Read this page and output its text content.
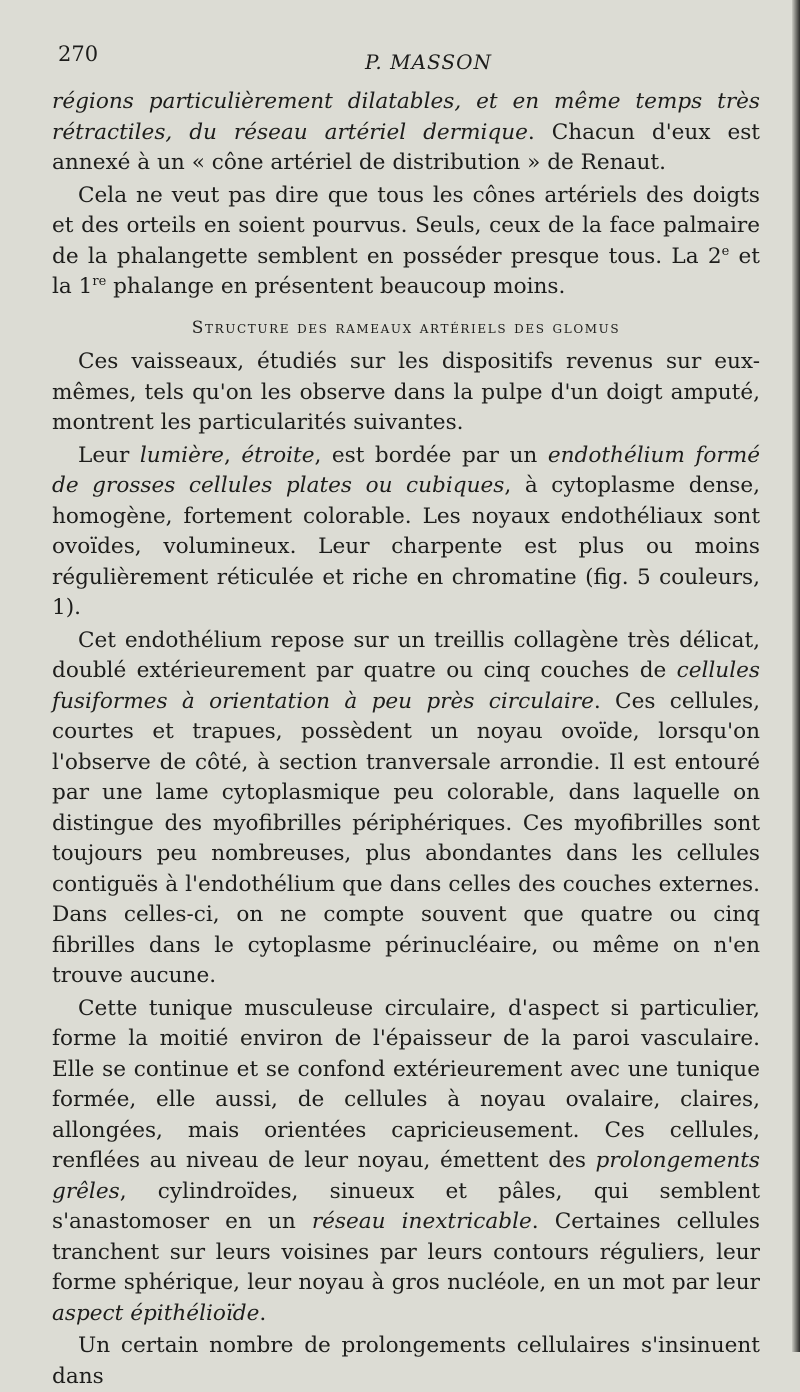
270	P. MASSON

régions particulièrement dilatables, et en même temps très rétractiles, du réseau artériel dermique. Chacun d'eux est annexé à un « cône artériel de distribution » de Renaut.

Cela ne veut pas dire que tous les cônes artériels des doigts et des orteils en soient pourvus. Seuls, ceux de la face palmaire de la phalangette semblent en posséder presque tous. La 2e et la 1re phalange en présentent beaucoup moins.

Structure des rameaux artériels des glomus

Ces vaisseaux, étudiés sur les dispositifs revenus sur eux-mêmes, tels qu'on les observe dans la pulpe d'un doigt amputé, montrent les particularités suivantes.

Leur lumière, étroite, est bordée par un endothélium formé de grosses cellules plates ou cubiques, à cytoplasme dense, homogène, fortement colorable. Les noyaux endothéliaux sont ovoïdes, volumineux. Leur charpente est plus ou moins régulièrement réticulée et riche en chromatine (fig. 5 couleurs, 1).

Cet endothélium repose sur un treillis collagène très délicat, doublé extérieurement par quatre ou cinq couches de cellules fusiformes à orientation à peu près circulaire. Ces cellules, courtes et trapues, possèdent un noyau ovoïde, lorsqu'on l'observe de côté, à section tranversale arrondie. Il est entouré par une lame cytoplasmique peu colorable, dans laquelle on distingue des myofibrilles périphériques. Ces myofibrilles sont toujours peu nombreuses, plus abondantes dans les cellules contiguës à l'endothélium que dans celles des couches externes. Dans celles-ci, on ne compte souvent que quatre ou cinq fibrilles dans le cytoplasme périnucléaire, ou même on n'en trouve aucune.

Cette tunique musculeuse circulaire, d'aspect si particulier, forme la moitié environ de l'épaisseur de la paroi vasculaire. Elle se continue et se confond extérieurement avec une tunique formée, elle aussi, de cellules à noyau ovalaire, claires, allongées, mais orientées capricieusement. Ces cellules, renflées au niveau de leur noyau, émettent des prolongements grêles, cylindroïdes, sinueux et pâles, qui semblent s'anastomoser en un réseau inextricable. Certaines cellules tranchent sur leurs voisines par leurs contours réguliers, leur forme sphérique, leur noyau à gros nucléole, en un mot par leur aspect épithélioïde.

Un certain nombre de prolongements cellulaires s'insinuent dans
